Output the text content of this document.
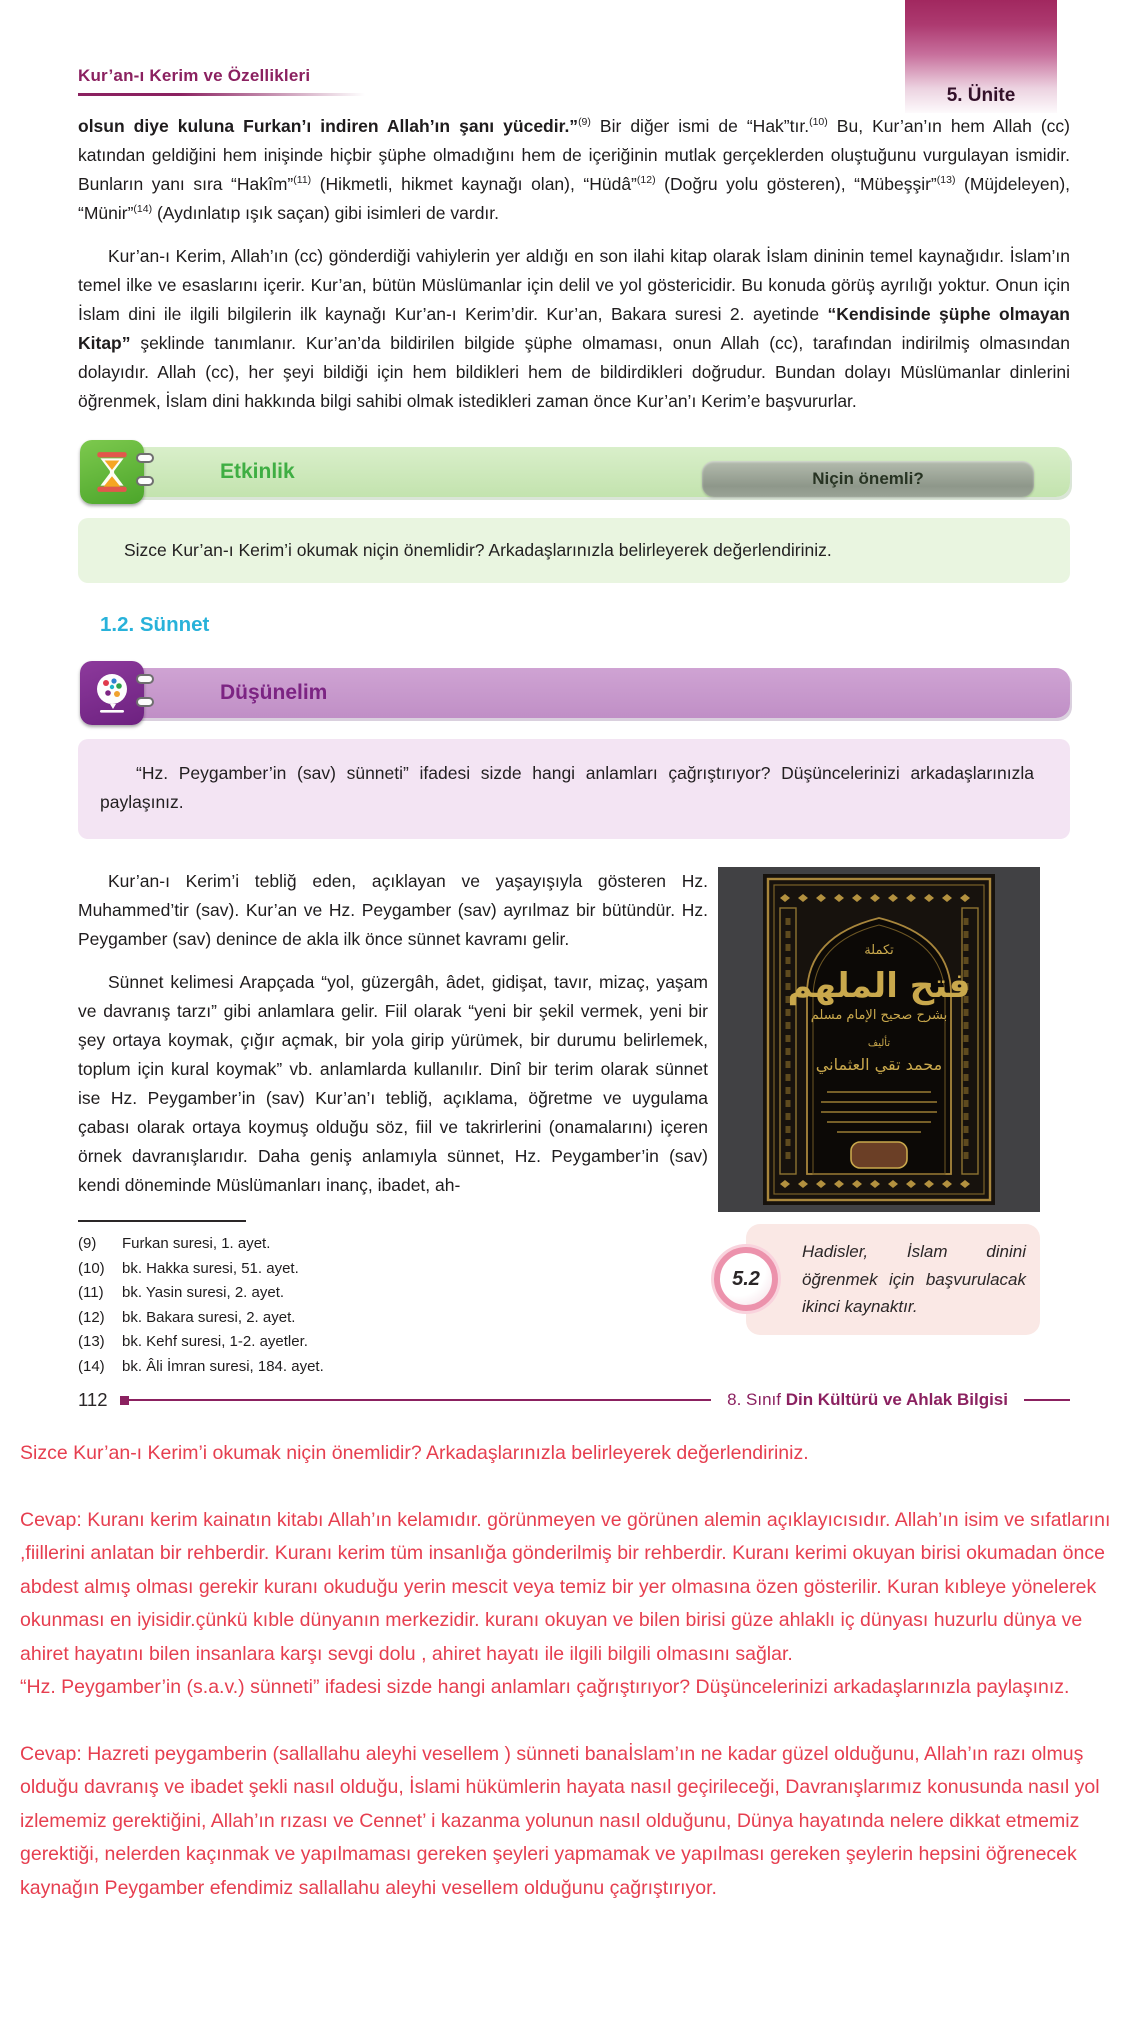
5. Ünite
Kur’an-ı Kerim ve Özellikleri

olsun diye kuluna Furkan’ı indiren Allah’ın şanı yücedir.”$^{(9)}$ Bir diğer ismi de “Hak”tır.$^{(10)}$ Bu, Kur’an’ın hem Allah (cc) katından geldiğini hem inişinde hiçbir şüphe olmadığını hem de içeriğinin mutlak gerçeklerden oluştuğunu vurgulayan ismidir. Bunların yanı sıra “Hakîm”$^{(11)}$ (Hikmetli, hikmet kaynağı olan), “Hüdâ”$^{(12)}$ (Doğru yolu gösteren), “Mübeşşir”$^{(13)}$ (Müjdeleyen), “Münir”$^{(14)}$ (Aydınlatıp ışık saçan) gibi isimleri de vardır.

Kur’an-ı Kerim, Allah’ın (cc) gönderdiği vahiylerin yer aldığı en son ilahi kitap olarak İslam dininin temel kaynağıdır. İslam’ın temel ilke ve esaslarını içerir. Kur’an, bütün Müslümanlar için delil ve yol göstericidir. Bu konuda görüş ayrılığı yoktur. Onun için İslam dini ile ilgili bilgilerin ilk kaynağı Kur’an-ı Kerim’dir. Kur’an, Bakara suresi 2. ayetinde “Kendisinde şüphe olmayan Kitap” şeklinde tanımlanır. Kur’an’da bildirilen bilgide şüphe olmaması, onun Allah (cc), tarafından indirilmiş olmasından dolayıdır. Allah (cc), her şeyi bildiği için hem bildikleri hem de bildirdikleri doğrudur. Bundan dolayı Müslümanlar dinlerini öğrenmek, İslam dini hakkında bilgi sahibi olmak istedikleri zaman önce Kur’an’ı Kerim’e başvururlar.

Etkinlik	Niçin önemli?
Sizce Kur’an-ı Kerim’i okumak niçin önemlidir? Arkadaşlarınızla belirleyerek değerlendiriniz.
1.2. Sünnet
Düşünelim
“Hz. Peygamber’in (sav) sünneti” ifadesi sizde hangi anlamları çağrıştırıyor? Düşüncelerinizi arkadaşlarınızla paylaşınız.

Kur’an-ı Kerim’i tebliğ eden, açıklayan ve yaşayışıyla gösteren Hz. Muhammed’tir (sav). Kur’an ve Hz. Peygamber (sav) ayrılmaz bir bütündür. Hz. Peygamber (sav) denince de akla ilk önce sünnet kavramı gelir.

Sünnet kelimesi Arapçada “yol, güzergâh, âdet, gidişat, tavır, mizaç, yaşam ve davranış tarzı” gibi anlamlara gelir. Fiil olarak “yeni bir şekil vermek, yeni bir şey ortaya koymak, çığır açmak, bir yola girip yürümek, bir durumu belirlemek, toplum için kural koymak” vb. anlamlarda kullanılır. Dinî bir terim olarak sünnet ise Hz. Peygamber’in (sav) Kur’an’ı tebliğ, açıklama, öğretme ve uygulama çabası olarak ortaya koymuş olduğu söz, fiil ve takrirlerini (onamalarını) içeren örnek davranışlarıdır. Daha geniş anlamıyla sünnet, Hz. Peygamber’in (sav) kendi döneminde Müslümanları inanç, ibadet, ah-

(9)	Furkan suresi, 1. ayet.
(10)	bk. Hakka suresi, 51. ayet.
(11)	bk. Yasin suresi, 2. ayet.
(12)	bk. Bakara suresi, 2. ayet.
(13)	bk. Kehf suresi, 1-2. ayetler.
(14)	bk. Âli İmran suresi, 184. ayet.
تكملة
فتح الملهم
بشرح صحيح الإمام مسلم
تأليف
محمد تقي العثماني
5.2
Hadisler, İslam dinini öğrenmek için başvurulacak ikinci kaynaktır.
112	8. Sınıf Din Kültürü ve Ahlak Bilgisi

Sizce Kur’an-ı Kerim’i okumak niçin önemlidir? Arkadaşlarınızla belirleyerek değerlendiriniz.

Cevap: Kuranı kerim kainatın kitabı Allah’ın kelamıdır. görünmeyen ve görünen alemin açıklayıcısıdır. Allah’ın isim ve sıfatlarını ,fiillerini anlatan bir rehberdir. Kuranı kerim tüm insanlığa gönderilmiş bir rehberdir. Kuranı kerimi okuyan birisi okumadan önce abdest almış olması gerekir kuranı okuduğu yerin mescit veya temiz bir yer olmasına özen gösterilir. Kuran kıbleye yönelerek okunması en iyisidir.çünkü kıble dünyanın merkezidir. kuranı okuyan ve bilen birisi güze ahlaklı iç dünyası huzurlu dünya ve ahiret hayatını bilen insanlara karşı sevgi dolu , ahiret hayatı ile ilgili bilgili olmasını sağlar.

“Hz. Peygamber’in (s.a.v.) sünneti” ifadesi sizde hangi anlamları çağrıştırıyor? Düşüncelerinizi arkadaşlarınızla paylaşınız.

Cevap: Hazreti peygamberin (sallallahu aleyhi vesellem ) sünneti banaİslam’ın ne kadar güzel olduğunu, Allah’ın razı olmuş olduğu davranış ve ibadet şekli nasıl olduğu, İslami hükümlerin hayata nasıl geçirileceği, Davranışlarımız konusunda nasıl yol izlememiz gerektiğini, Allah’ın rızası ve Cennet’ i kazanma yolunun nasıl olduğunu, Dünya hayatında nelere dikkat etmemiz gerektiği, nelerden kaçınmak ve yapılmaması gereken şeyleri yapmamak ve yapılması gereken şeylerin hepsini öğrenecek kaynağın Peygamber efendimiz sallallahu aleyhi vesellem olduğunu çağrıştırıyor.
